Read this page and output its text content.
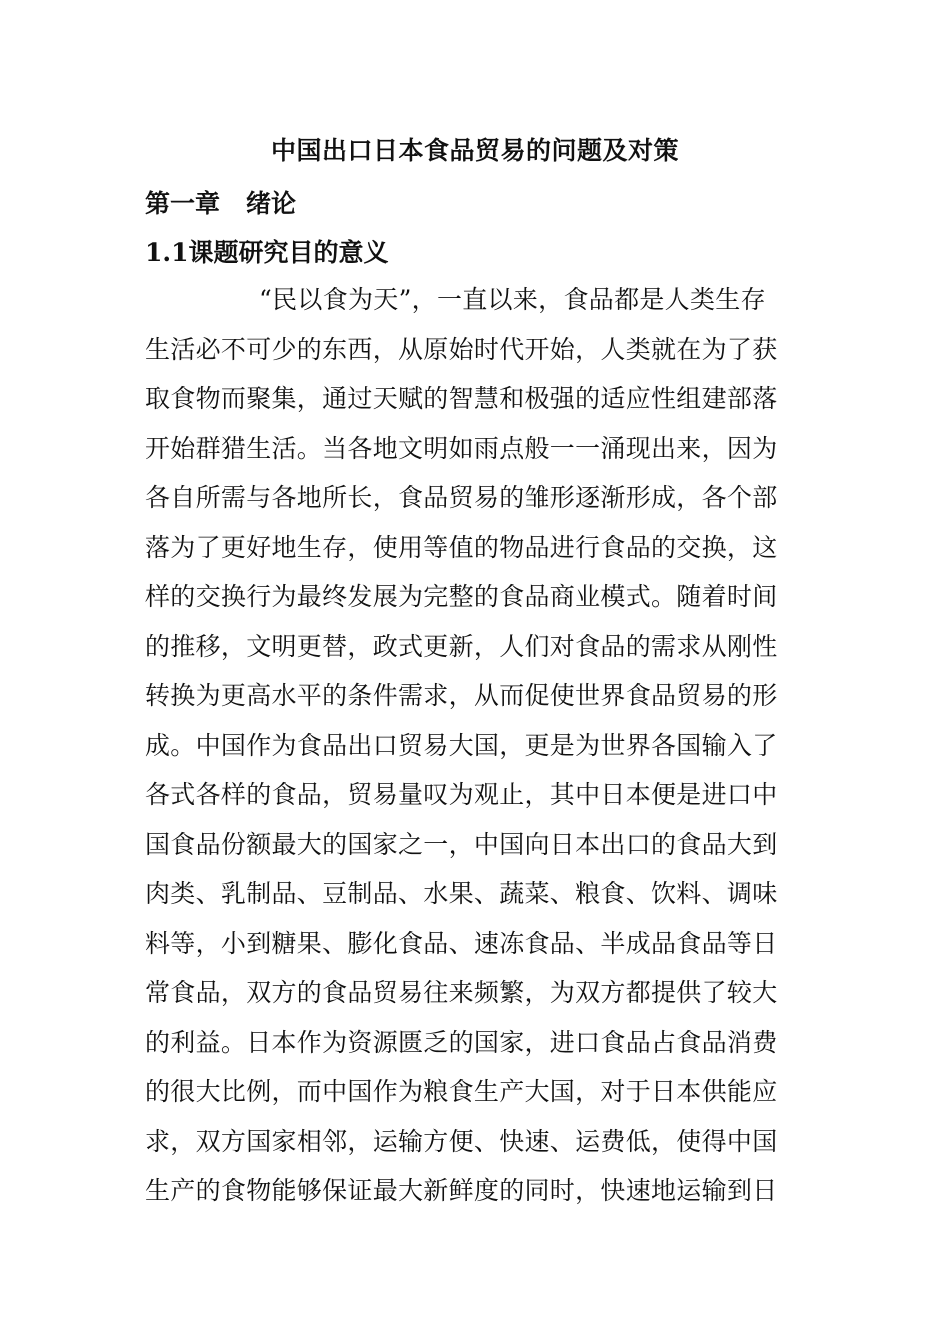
中国出口日本食品贸易的问题及对策
第一章 绪论
1.1课题研究目的意义
“民以食为天”，一直以来，食品都是人类生存
生活必不可少的东西，从原始时代开始，人类就在为了获
取食物而聚集，通过天赋的智慧和极强的适应性组建部落
开始群猎生活。当各地文明如雨点般一一涌现出来，因为
各自所需与各地所长，食品贸易的雏形逐渐形成，各个部
落为了更好地生存，使用等值的物品进行食品的交换，这
样的交换行为最终发展为完整的食品商业模式。随着时间
的推移，文明更替，政式更新，人们对食品的需求从刚性
转换为更高水平的条件需求，从而促使世界食品贸易的形
成。中国作为食品出口贸易大国，更是为世界各国输入了
各式各样的食品，贸易量叹为观止，其中日本便是进口中
国食品份额最大的国家之一，中国向日本出口的食品大到
肉类、乳制品、豆制品、水果、蔬菜、粮食、饮料、调味
料等，小到糖果、膨化食品、速冻食品、半成品食品等日
常食品，双方的食品贸易往来频繁，为双方都提供了较大
的利益。日本作为资源匮乏的国家，进口食品占食品消费
的很大比例，而中国作为粮食生产大国，对于日本供能应
求，双方国家相邻，运输方便、快速、运费低，使得中国
生产的食物能够保证最大新鲜度的同时，快速地运输到日
